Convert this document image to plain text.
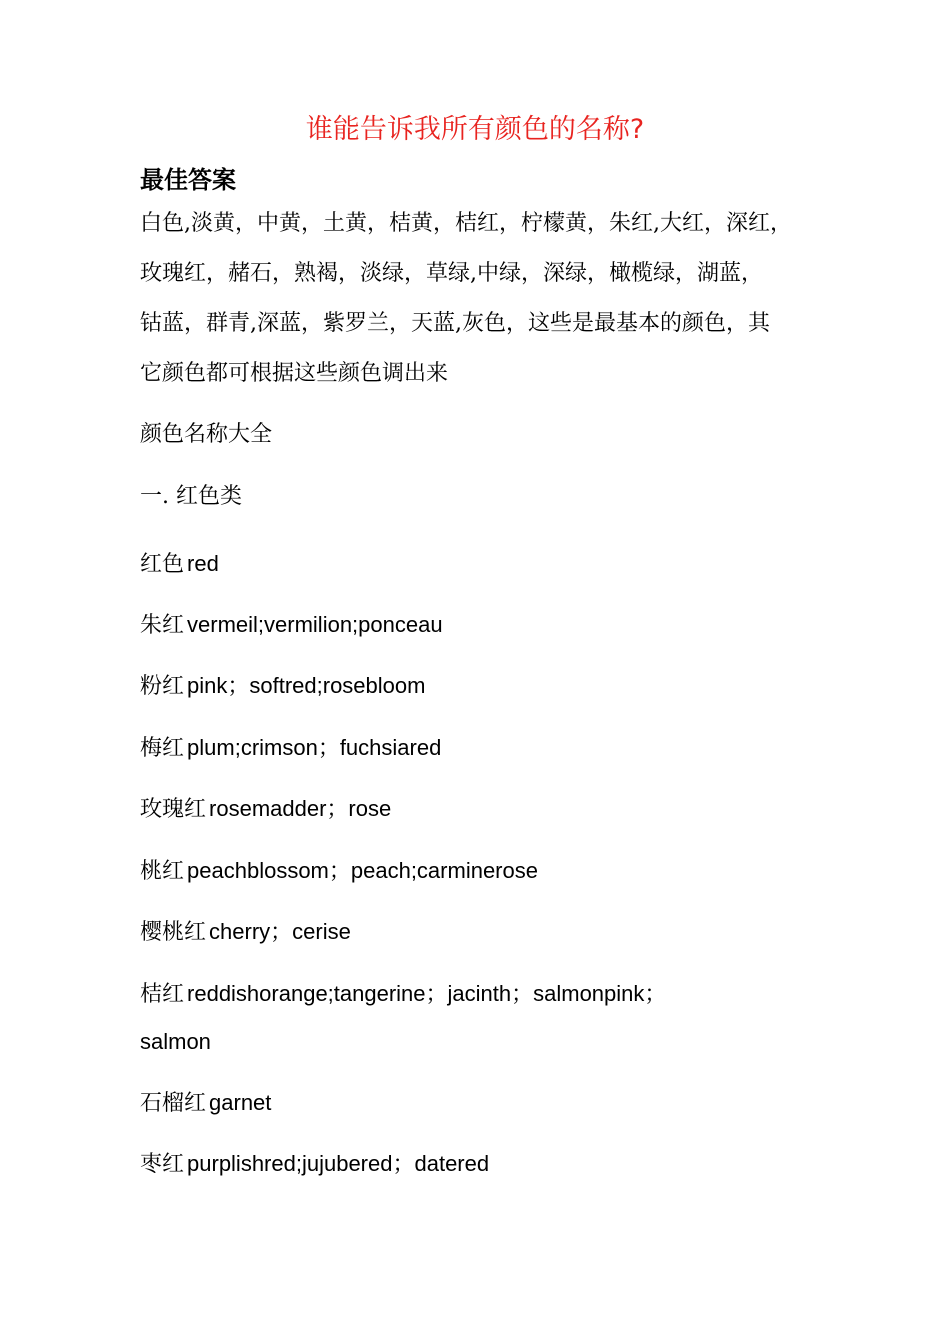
谁能告诉我所有颜色的名称?
最佳答案
白色,淡黄，中黄，土黄，桔黄，桔红，柠檬黄，朱红,大红，深红，
玫瑰红，赭石，熟褐，淡绿，草绿,中绿，深绿，橄榄绿，湖蓝，
钴蓝，群青,深蓝，紫罗兰，天蓝,灰色，这些是最基本的颜色，其
它颜色都可根据这些颜色调出来
颜色名称大全
一. 红色类
红色 red
朱红 vermeil;vermilion;ponceau
粉红 pink；softred;rosebloom
梅红 plum;crimson；fuchsiared
玫瑰红 rosemadder；rose
桃红 peachblossom；peach;carminerose
樱桃红 cherry；cerise
桔红 reddishorange;tangerine；jacinth；salmonpink；
salmon
石榴红 garnet
枣红 purplishred;jujubered；datered
